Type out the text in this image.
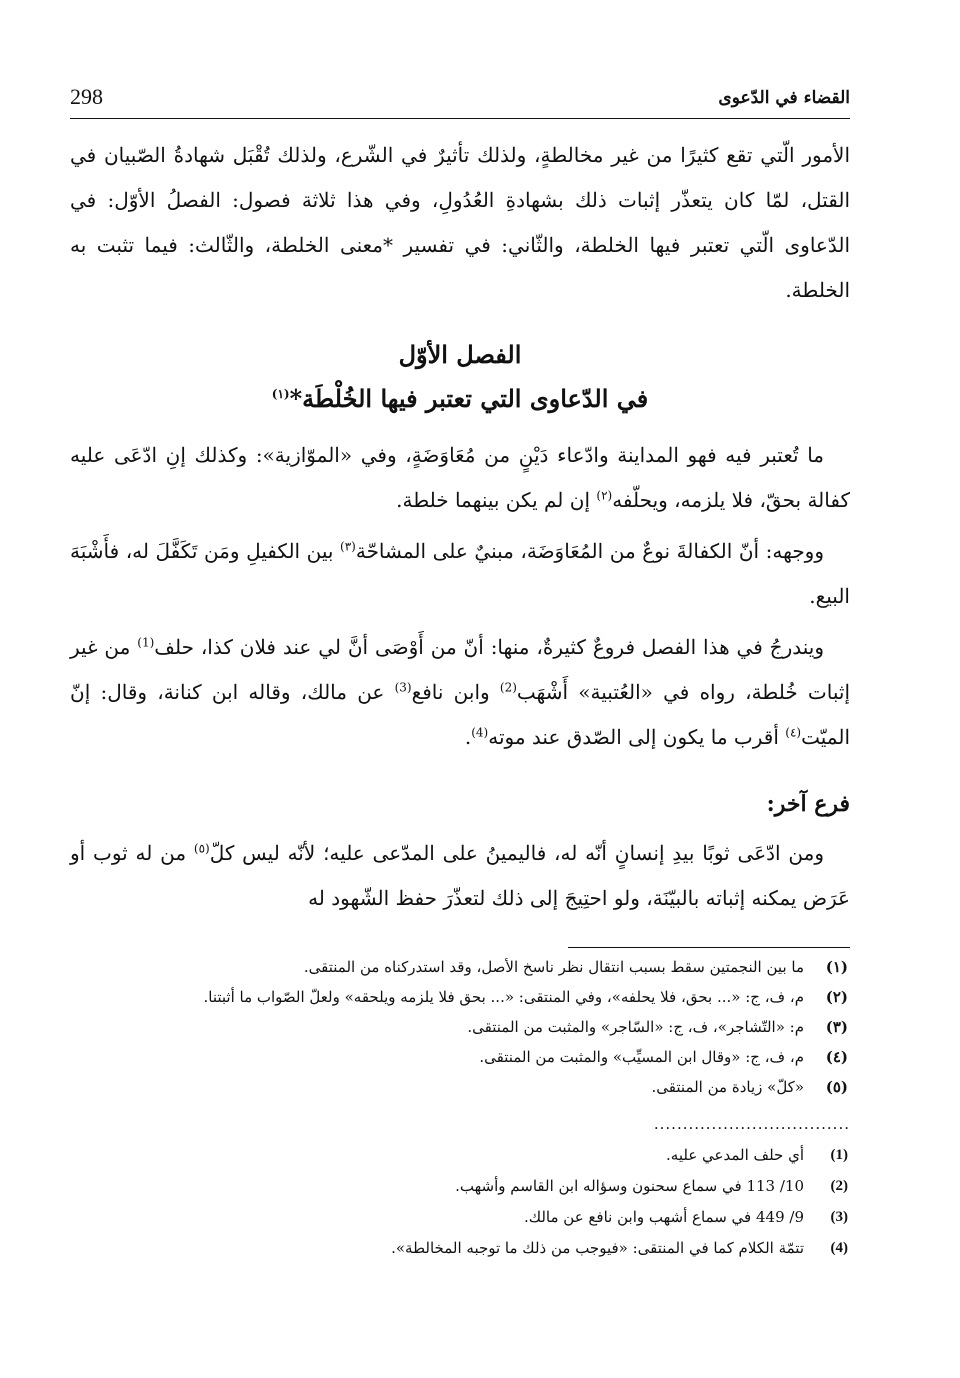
298	القضاء في الدّعوى

الأمور الّتي تقع كثيرًا من غير مخالطةٍ، ولذلك تأثيرٌ في الشّرع، ولذلك تُقْبَل شهادةُ الصّبيان في القتل، لمّا كان يتعذّر إثبات ذلك بشهادةِ العُدُولِ، وفي هذا ثلاثة فصول: الفصلُ الأوّل: في الدّعاوى الّتي تعتبر فيها الخلطة، والثّاني: في تفسير *معنى الخلطة، والثّالث: فيما تثبت به الخلطة.

الفصل الأوّل
في الدّعاوى التي تعتبر فيها الخُلْطَة*$^{(١)}$

ما تُعتبر فيه فهو المداينة وادّعاء دَيْنٍ من مُعَاوَضَةٍ، وفي «الموّازية»: وكذلك إنِ ادّعَى عليه كفالة بحقّ، فلا يلزمه، ويحلّفه$^{(٢)}$ إن لم يكن بينهما خلطة.

ووجهه: أنّ الكفالةَ نوعٌ من المُعَاوَضَة، مبنيٌ على المشاحّة$^{(٣)}$ بين الكفيلِ ومَن تَكَفَّلَ له، فأَشْبَهَ البيع.

ويندرجُ في هذا الفصل فروعٌ كثيرةٌ، منها: أنّ من أَوْصَى أنَّ لي عند فلان كذا، حلف$^{(1)}$ من غير إثبات خُلطة، رواه في «العُتبية» أَشْهَب$^{(2)}$ وابن نافع$^{(3)}$ عن مالك، وقاله ابن كنانة، وقال: إنّ الميّت$^{(٤)}$ أقرب ما يكون إلى الصّدق عند موته$^{(4)}$.

فرع آخر:

ومن ادّعَى ثوبًا بيدِ إنسانٍ أنّه له، فاليمينُ على المدّعى عليه؛ لأنّه ليس كلّ$^{(٥)}$ من له ثوب أو عَرَض يمكنه إثباته بالبيّنَة، ولو احتِيجَ إلى ذلك لتعذّرَ حفظ الشّهود له

(١)
ما بين النجمتين سقط بسبب انتقال نظر ناسخ الأصل، وقد استدركناه من المنتقى.
(٢)
م، ف، ج: «... بحق، فلا يحلفه»، وفي المنتقى: «... بحق فلا يلزمه ويلحقه» ولعلّ الصّواب ما أثبتنا.
(٣)
م: «التّشاجر»، ف، ج: «السّاجر» والمثبت من المنتقى.
(٤)
م، ف، ج: «وقال ابن المسيِّب» والمثبت من المنتقى.
(٥)
«كلّ» زيادة من المنتقى.
..................................
(1)
أي حلف المدعي عليه.
(2)
10/ 113 في سماع سحنون وسؤاله ابن القاسم وأشهب.
(3)
9/ 449 في سماع أشهب وابن نافع عن مالك.
(4)
تتمّة الكلام كما في المنتقى: «فيوجب من ذلك ما توجبه المخالطة».
